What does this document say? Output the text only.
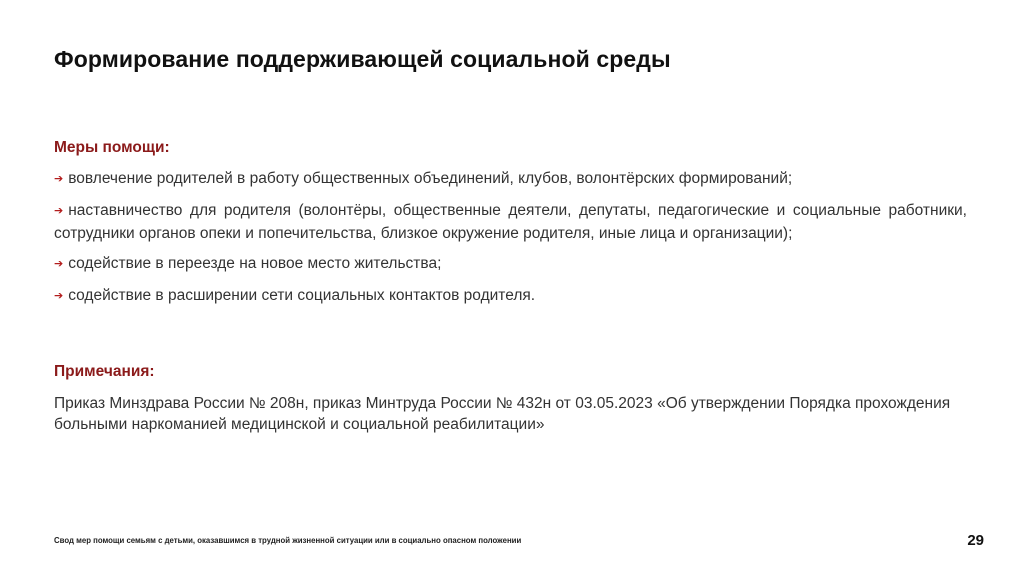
Формирование поддерживающей социальной среды
Меры помощи:
➔ вовлечение родителей в работу общественных объединений, клубов, волонтёрских формирований;
➔ наставничество для родителя (волонтёры, общественные деятели, депутаты, педагогические и социальные работники, сотрудники органов опеки и попечительства, близкое окружение родителя, иные лица и организации);
➔ содействие в переезде на новое место жительства;
➔ содействие в расширении сети социальных контактов родителя.
Примечания:

Приказ Минздрава России № 208н, приказ Минтруда России № 432н от 03.05.2023 «Об утверждении Порядка прохождения больными наркоманией медицинской и социальной реабилитации»

Свод мер помощи семьям с детьми, оказавшимся в трудной жизненной ситуации или в социально опасном положении	29
